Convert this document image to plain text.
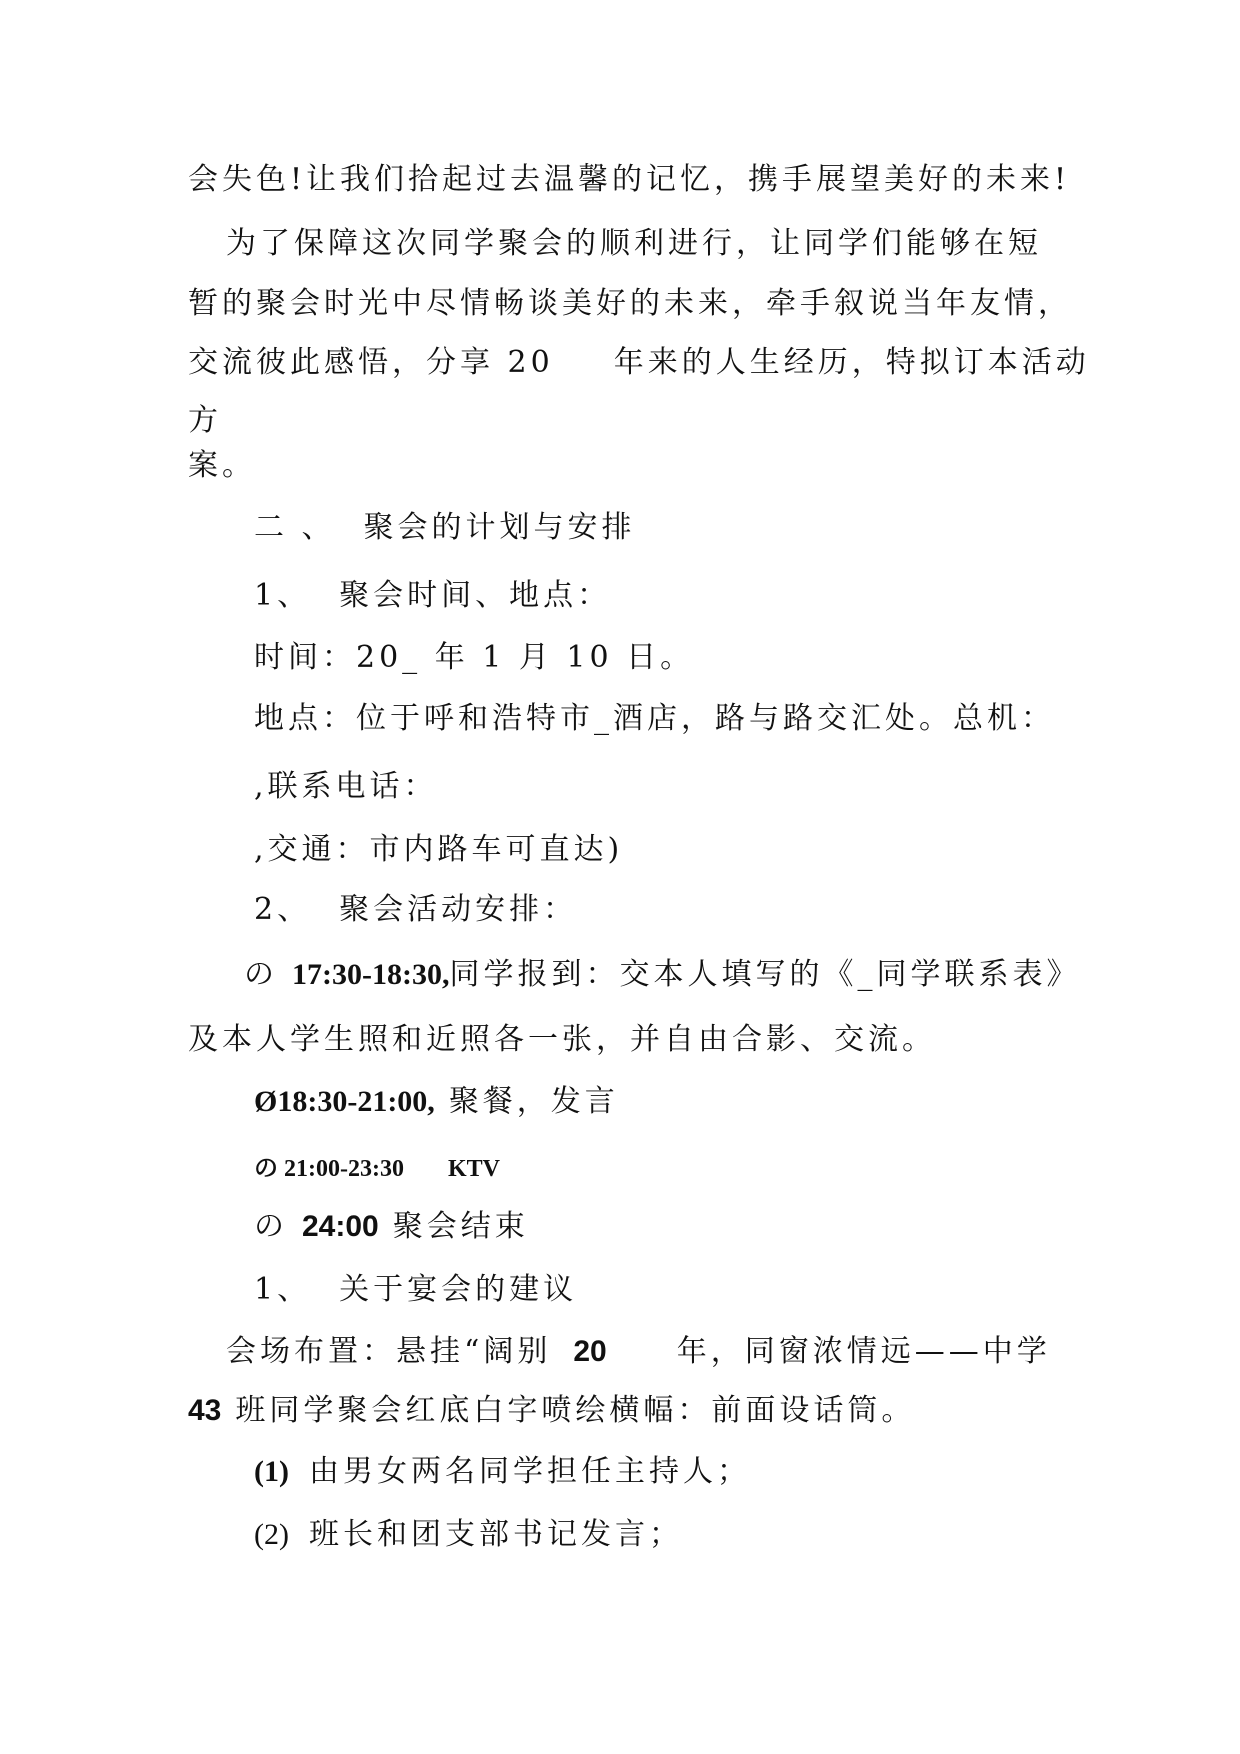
会失色!让我们拾起过去温馨的记忆，携手展望美好的未来!
为了保障这次同学聚会的顺利进行，让同学们能够在短
暂的聚会时光中尽情畅谈美好的未来，牵手叙说当年友情，
交流彼此感悟，分享 20 年来的人生经历，特拟订本活动
方
案。
二 、 聚会的计划与安排
1、 聚会时间、地点：
时间：20_ 年 1 月 10 日。
地点：位于呼和浩特市_酒店，路与路交汇处。总机：
,联系电话：
,交通：市内路车可直达)
2、 聚会活动安排：
の 17:30-18:30,同学报到：交本人填写的《_同学联系表》
及本人学生照和近照各一张，并自由合影、交流。
Ø18:30-21:00, 聚餐，发言
の 21:00-23:30 KTV
の 24:00 聚会结束
1、 关于宴会的建议
会场布置：悬挂“阔别 20 年，同窗浓情远——中学
43 班同学聚会红底白字喷绘横幅：前面设话筒。
(1) 由男女两名同学担任主持人；
(2) 班长和团支部书记发言；
